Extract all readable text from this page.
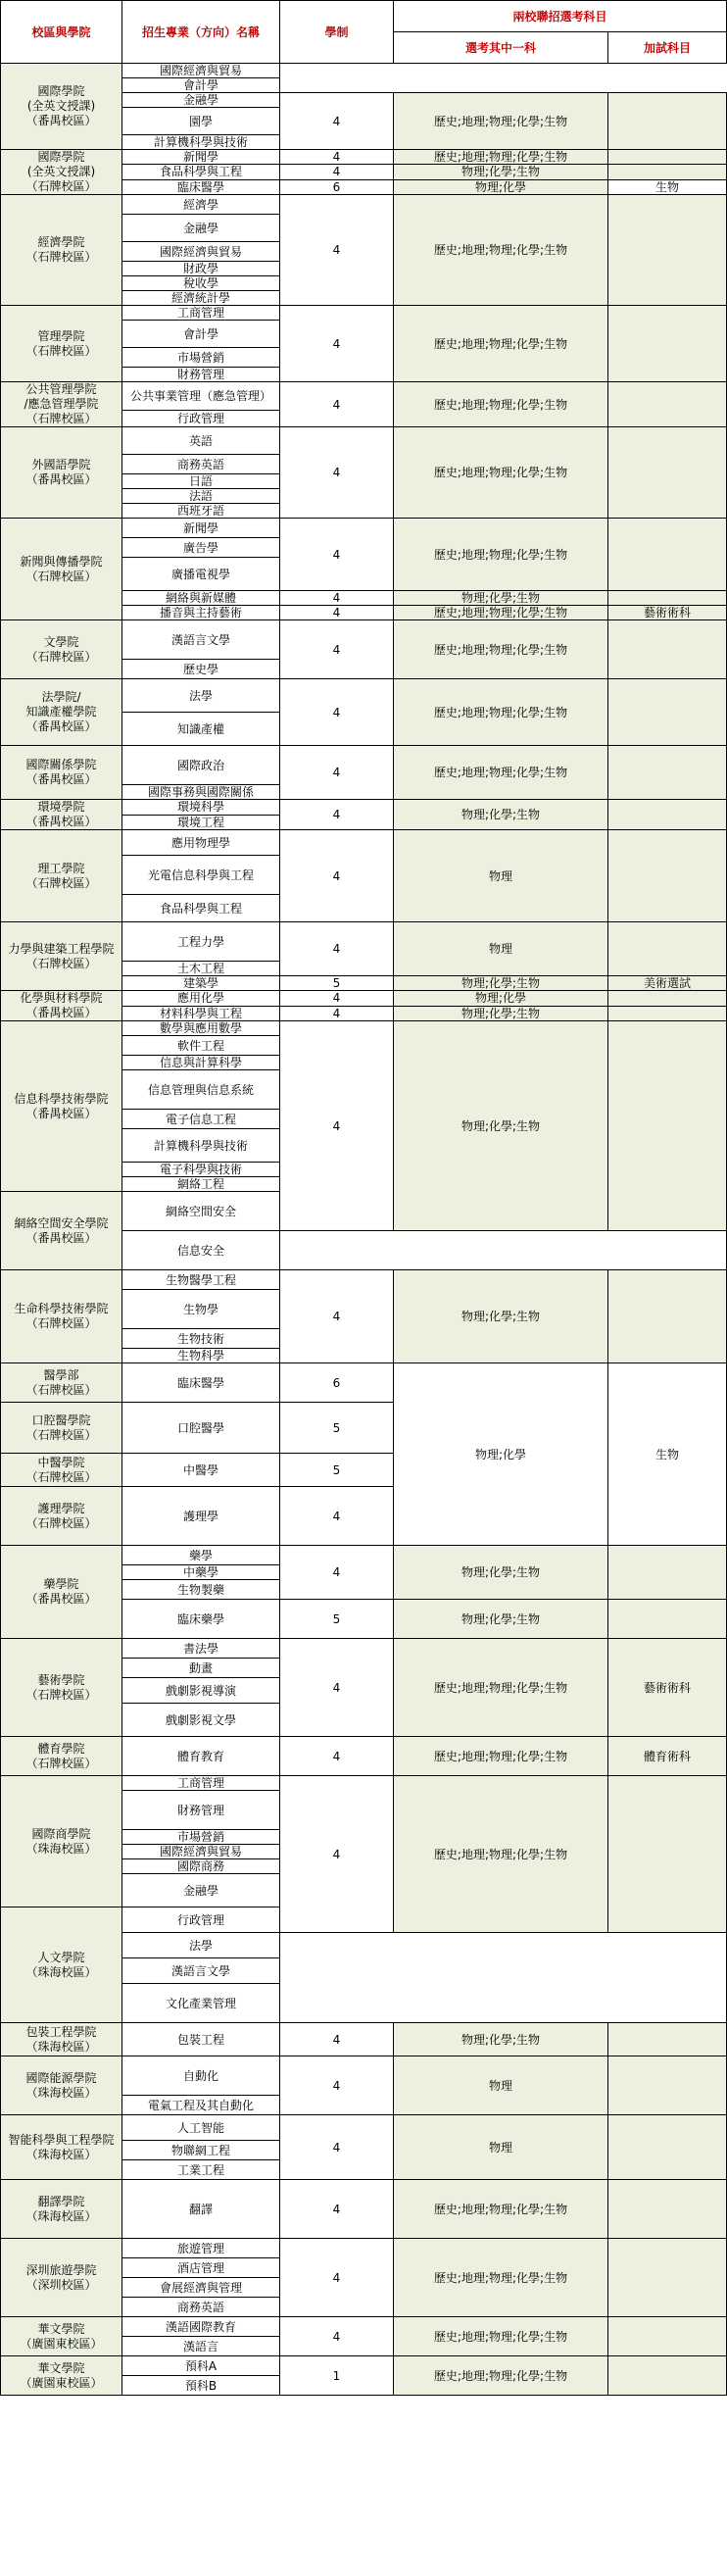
校區與學院	招生專業（方向）名稱	學制	兩校聯招選考科目		
			選考其中一科	加試科目	
國際學院
(全英文授課)
（番禺校區）	國際經濟與貿易				
	會計學				
	金融學	4	歷史;地理;物理;化學;生物		
	園學			
	計算機科學與技術			
國際學院
(全英文授課)
（石牌校區）	新聞學	4	歷史;地理;物理;化學;生物		
	食品科學與工程	4	物理;化學;生物		
	臨床醫學	6	物理;化學	生物	
經濟學院
（石牌校區）	經濟學	4	歷史;地理;物理;化學;生物		
	金融學				
	國際經濟與貿易				
	財政學				
	稅收學				
	經濟統計學				
管理學院
（石牌校區）	工商管理	4	歷史;地理;物理;化學;生物		
	會計學				
	市場營銷				
	財務管理				
公共管理學院
/應急管理學院
（石牌校區）	公共事業管理（應急管理）	4	歷史;地理;物理;化學;生物		
	行政管理				
外國語學院
（番禺校區）	英語	4	歷史;地理;物理;化學;生物		
	商務英語				
	日語				
	法語				
	西班牙語				
新聞與傳播學院
（石牌校區）	新聞學	4	歷史;地理;物理;化學;生物		
	廣告學				
	廣播電視學				
	網絡與新媒體	4	物理;化學;生物		
	播音與主持藝術	4	歷史;地理;物理;化學;生物	藝術術科	
文學院
（石牌校區）	漢語言文學	4	歷史;地理;物理;化學;生物		
	歷史學				
法學院/
知識產權學院
（番禺校區）	法學	4	歷史;地理;物理;化學;生物		
	知識產權				
國際關係學院
（番禺校區）	國際政治	4	歷史;地理;物理;化學;生物		
	國際事務與國際關係				
環境學院
（番禺校區）	環境科學	4	物理;化學;生物		
	環境工程				
理工學院
（石牌校區）	應用物理學	4	物理		
	光電信息科學與工程				
	食品科學與工程			
力學與建築工程學院
（石牌校區）	工程力學	4	物理		
	土木工程				
	建築學	5	物理;化學;生物	美術選試	
化學與材料學院
（番禺校區）	應用化學	4	物理;化學		
	材料科學與工程	4	物理;化學;生物		
信息科學技術學院
（番禺校區）	數學與應用數學	4	物理;化學;生物		
	軟件工程				
	信息與計算科學				
	信息管理與信息系統				
	電子信息工程				
	計算機科學與技術				
	電子科學與技術				
	網絡工程				
網絡空間安全學院
（番禺校區）	網絡空間安全			
	信息安全				
生命科學技術學院
（石牌校區）	生物醫學工程	4	物理;化學;生物		
	生物學				
	生物技術				
	生物科學				
醫學部
（石牌校區）	臨床醫學	6	物理;化學	生物	
口腔醫學院
（石牌校區）	口腔醫學	5			
中醫學院
（石牌校區）	中醫學	5			
護理學院
（石牌校區）	護理學	4			
藥學院
（番禺校區）	藥學	4	物理;化學;生物		
	中藥學				
	生物製藥				
	臨床藥學	5	物理;化學;生物		
藝術學院
（石牌校區）	書法學	4	歷史;地理;物理;化學;生物	藝術術科	
	動畫				
	戲劇影視導演				
	戲劇影視文學				
體育學院
（石牌校區）	體育教育	4	歷史;地理;物理;化學;生物	體育術科	
國際商學院
（珠海校區）	工商管理	4	歷史;地理;物理;化學;生物		
	財務管理				
	市場營銷				
	國際經濟與貿易				
	國際商務				
	金融學				
人文學院
（珠海校區）	行政管理			
	法學				
	漢語言文學				
	文化產業管理				
包裝工程學院
（珠海校區）	包裝工程	4	物理;化學;生物		
國際能源學院
（珠海校區）	自動化	4	物理		
	電氣工程及其自動化				
智能科學與工程學院
（珠海校區）	人工智能	4	物理		
	物聯網工程				
	工業工程				
翻譯學院
（珠海校區）	翻譯	4	歷史;地理;物理;化學;生物		
深圳旅遊學院
（深圳校區）	旅遊管理	4	歷史;地理;物理;化學;生物		
	酒店管理				
	會展經濟與管理				
	商務英語				
華文學院
（廣園東校區）	漢語國際教育	4	歷史;地理;物理;化學;生物		
	漢語言				
華文學院
（廣園東校區）	預科A	1	歷史;地理;物理;化學;生物		
	預科B				
